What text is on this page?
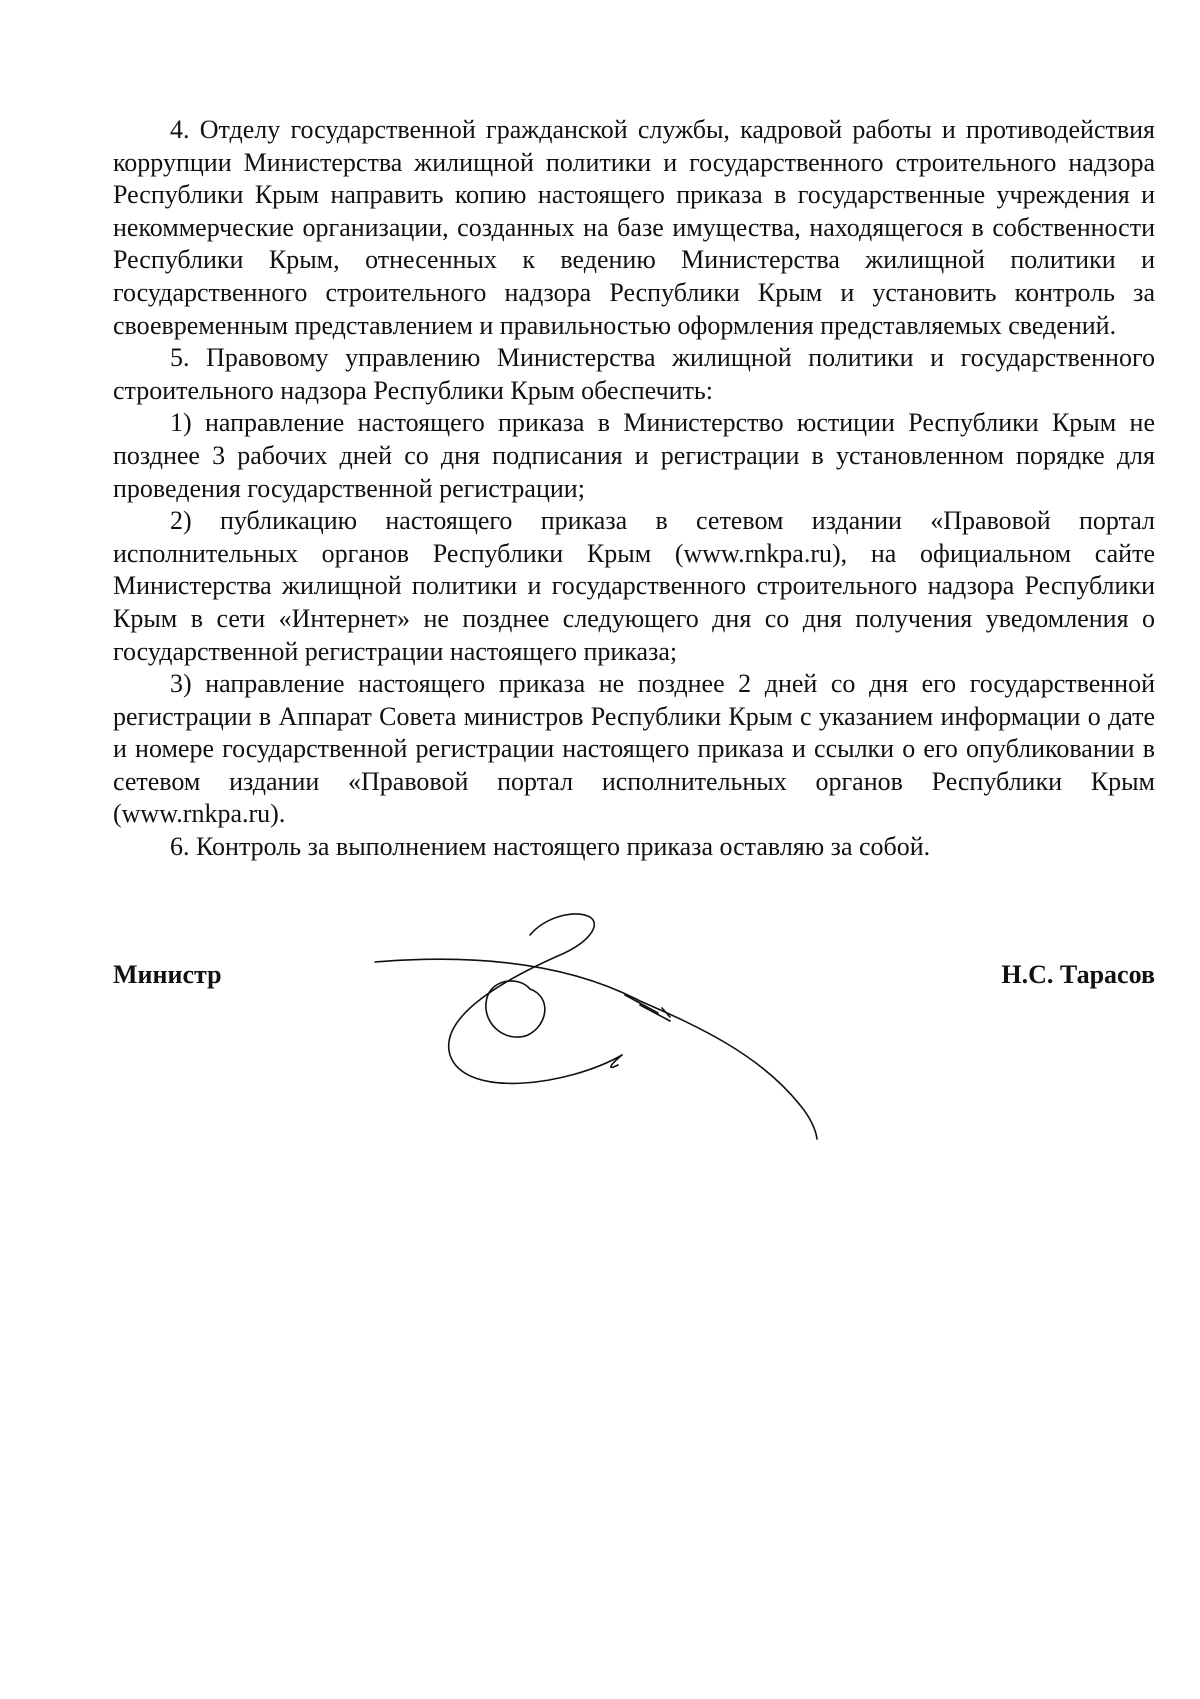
4. Отделу государственной гражданской службы, кадровой работы и противодействия коррупции Министерства жилищной политики и государственного строительного надзора Республики Крым направить копию настоящего приказа в государственные учреждения и некоммерческие организации, созданных на базе имущества, находящегося в собственности Республики Крым, отнесенных к ведению Министерства жилищной политики и государственного строительного надзора Республики Крым и установить контроль за своевременным представлением и правильностью оформления представляемых сведений.

5. Правовому управлению Министерства жилищной политики и государственного строительного надзора Республики Крым обеспечить:

1) направление настоящего приказа в Министерство юстиции Республики Крым не позднее 3 рабочих дней со дня подписания и регистрации в установленном порядке для проведения государственной регистрации;

2) публикацию настоящего приказа в сетевом издании «Правовой портал исполнительных органов Республики Крым (www.rnkpa.ru), на официальном сайте Министерства жилищной политики и государственного строительного надзора Республики Крым в сети «Интернет» не позднее следующего дня со дня получения уведомления о государственной регистрации настоящего приказа;

3) направление настоящего приказа не позднее 2 дней со дня его государственной регистрации в Аппарат Совета министров Республики Крым с указанием информации о дате и номере государственной регистрации настоящего приказа и ссылки о его опубликовании в сетевом издании «Правовой портал исполнительных органов Республики Крым (www.rnkpa.ru).

6. Контроль за выполнением настоящего приказа оставляю за собой.

Министр	Н.С. Тарасов
